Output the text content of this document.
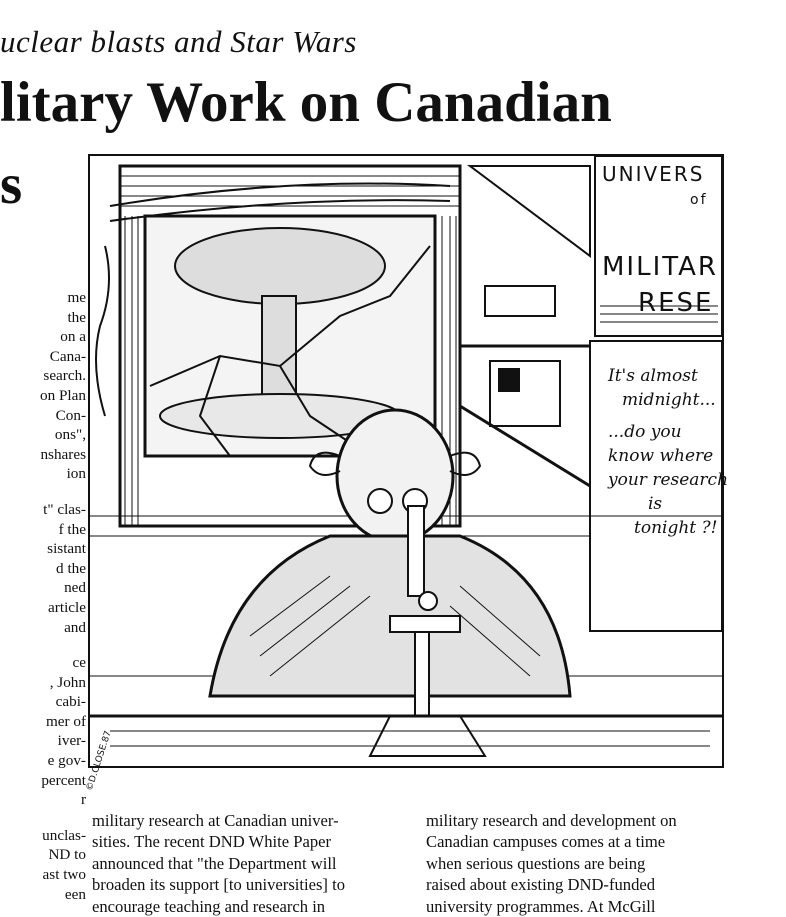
uclear blasts and Star Wars
litary Work on Canadian
s
me
the
on a
Cana-
search.
on Plan
Con-
ons",
nshares
ion
t" clas-
f the
sistant
d the
ned
article
and
ce
, John
cabi-
mer of
iver-
e gov-
percent
r
unclas-
ND to
ast two
een
UNIVERS
of
MILITAR
RESE
It's almost
midnight...
...do you
know where
your research
is
tonight ?!
©D.CLOSE.87
military research at Canadian univer-
sities. The recent DND White Paper
announced that "the Department will
broaden its support [to universities] to
encourage teaching and research in
military research and development on
Canadian campuses comes at a time
when serious questions are being
raised about existing DND-funded
university programmes. At McGill
